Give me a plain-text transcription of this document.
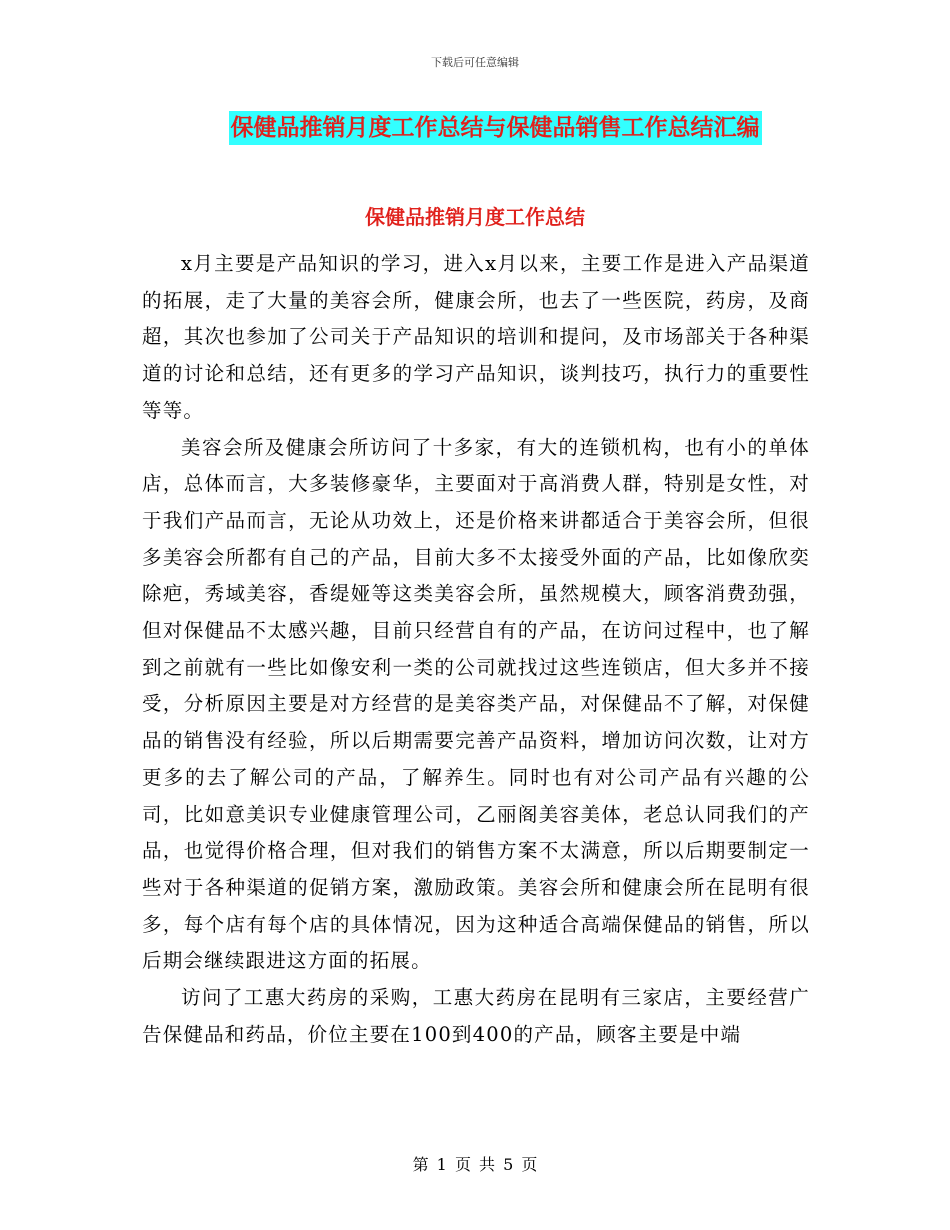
下载后可任意编辑
保健品推销月度工作总结与保健品销售工作总结汇编
保健品推销月度工作总结

x月主要是产品知识的学习，进入x月以来，主要工作是进入产品渠道的拓展，走了大量的美容会所，健康会所，也去了一些医院，药房，及商超，其次也参加了公司关于产品知识的培训和提问，及市场部关于各种渠道的讨论和总结，还有更多的学习产品知识，谈判技巧，执行力的重要性等等。

美容会所及健康会所访问了十多家，有大的连锁机构，也有小的单体店，总体而言，大多装修豪华，主要面对于高消费人群，特别是女性，对于我们产品而言，无论从功效上，还是价格来讲都适合于美容会所，但很多美容会所都有自己的产品，目前大多不太接受外面的产品，比如像欣奕除疤，秀域美容，香缇娅等这类美容会所，虽然规模大，顾客消费劲强，但对保健品不太感兴趣，目前只经营自有的产品，在访问过程中，也了解到之前就有一些比如像安利一类的公司就找过这些连锁店，但大多并不接受，分析原因主要是对方经营的是美容类产品，对保健品不了解，对保健品的销售没有经验，所以后期需要完善产品资料，增加访问次数，让对方更多的去了解公司的产品，了解养生。同时也有对公司产品有兴趣的公司，比如意美识专业健康管理公司，乙丽阁美容美体，老总认同我们的产品，也觉得价格合理，但对我们的销售方案不太满意，所以后期要制定一些对于各种渠道的促销方案，激励政策。美容会所和健康会所在昆明有很多，每个店有每个店的具体情况，因为这种适合高端保健品的销售，所以后期会继续跟进这方面的拓展。

访问了工惠大药房的采购，工惠大药房在昆明有三家店，主要经营广告保健品和药品，价位主要在100到400的产品，顾客主要是中端

第 1 页 共 5 页
